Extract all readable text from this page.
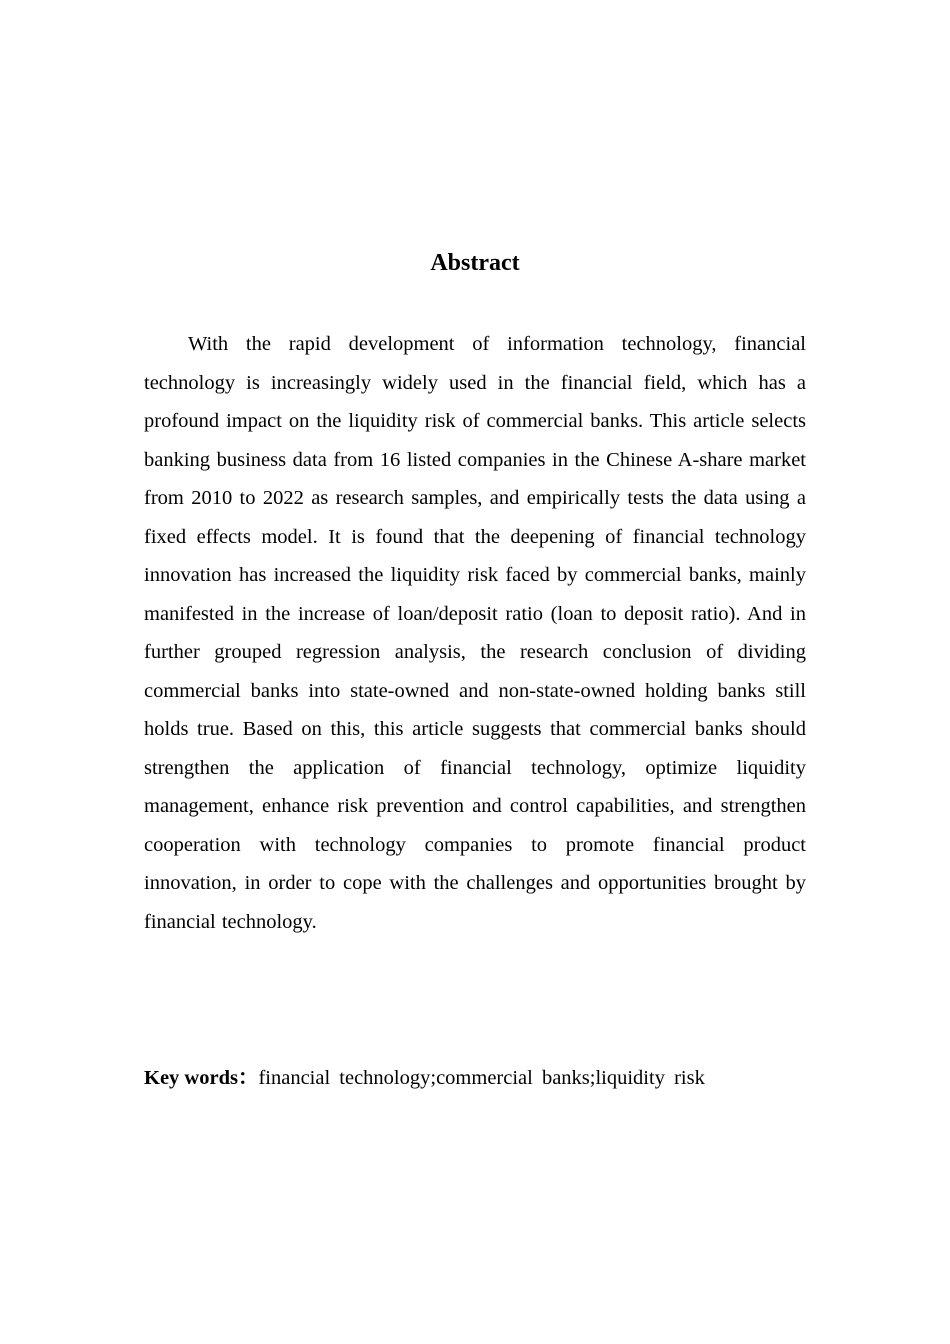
Abstract

With the rapid development of information technology, financial technology is increasingly widely used in the financial field, which has a profound impact on the liquidity risk of commercial banks. This article selects banking business data from 16 listed companies in the Chinese A-share market from 2010 to 2022 as research samples, and empirically tests the data using a fixed effects model. It is found that the deepening of financial technology innovation has increased the liquidity risk faced by commercial banks, mainly manifested in the increase of loan/deposit ratio (loan to deposit ratio). And in further grouped regression analysis, the research conclusion of dividing commercial banks into state-owned and non-state-owned holding banks still holds true. Based on this, this article suggests that commercial banks should strengthen the application of financial technology, optimize liquidity management, enhance risk prevention and control capabilities, and strengthen cooperation with technology companies to promote financial product innovation, in order to cope with the challenges and opportunities brought by financial technology.

Key words：financial technology;commercial banks;liquidity risk
